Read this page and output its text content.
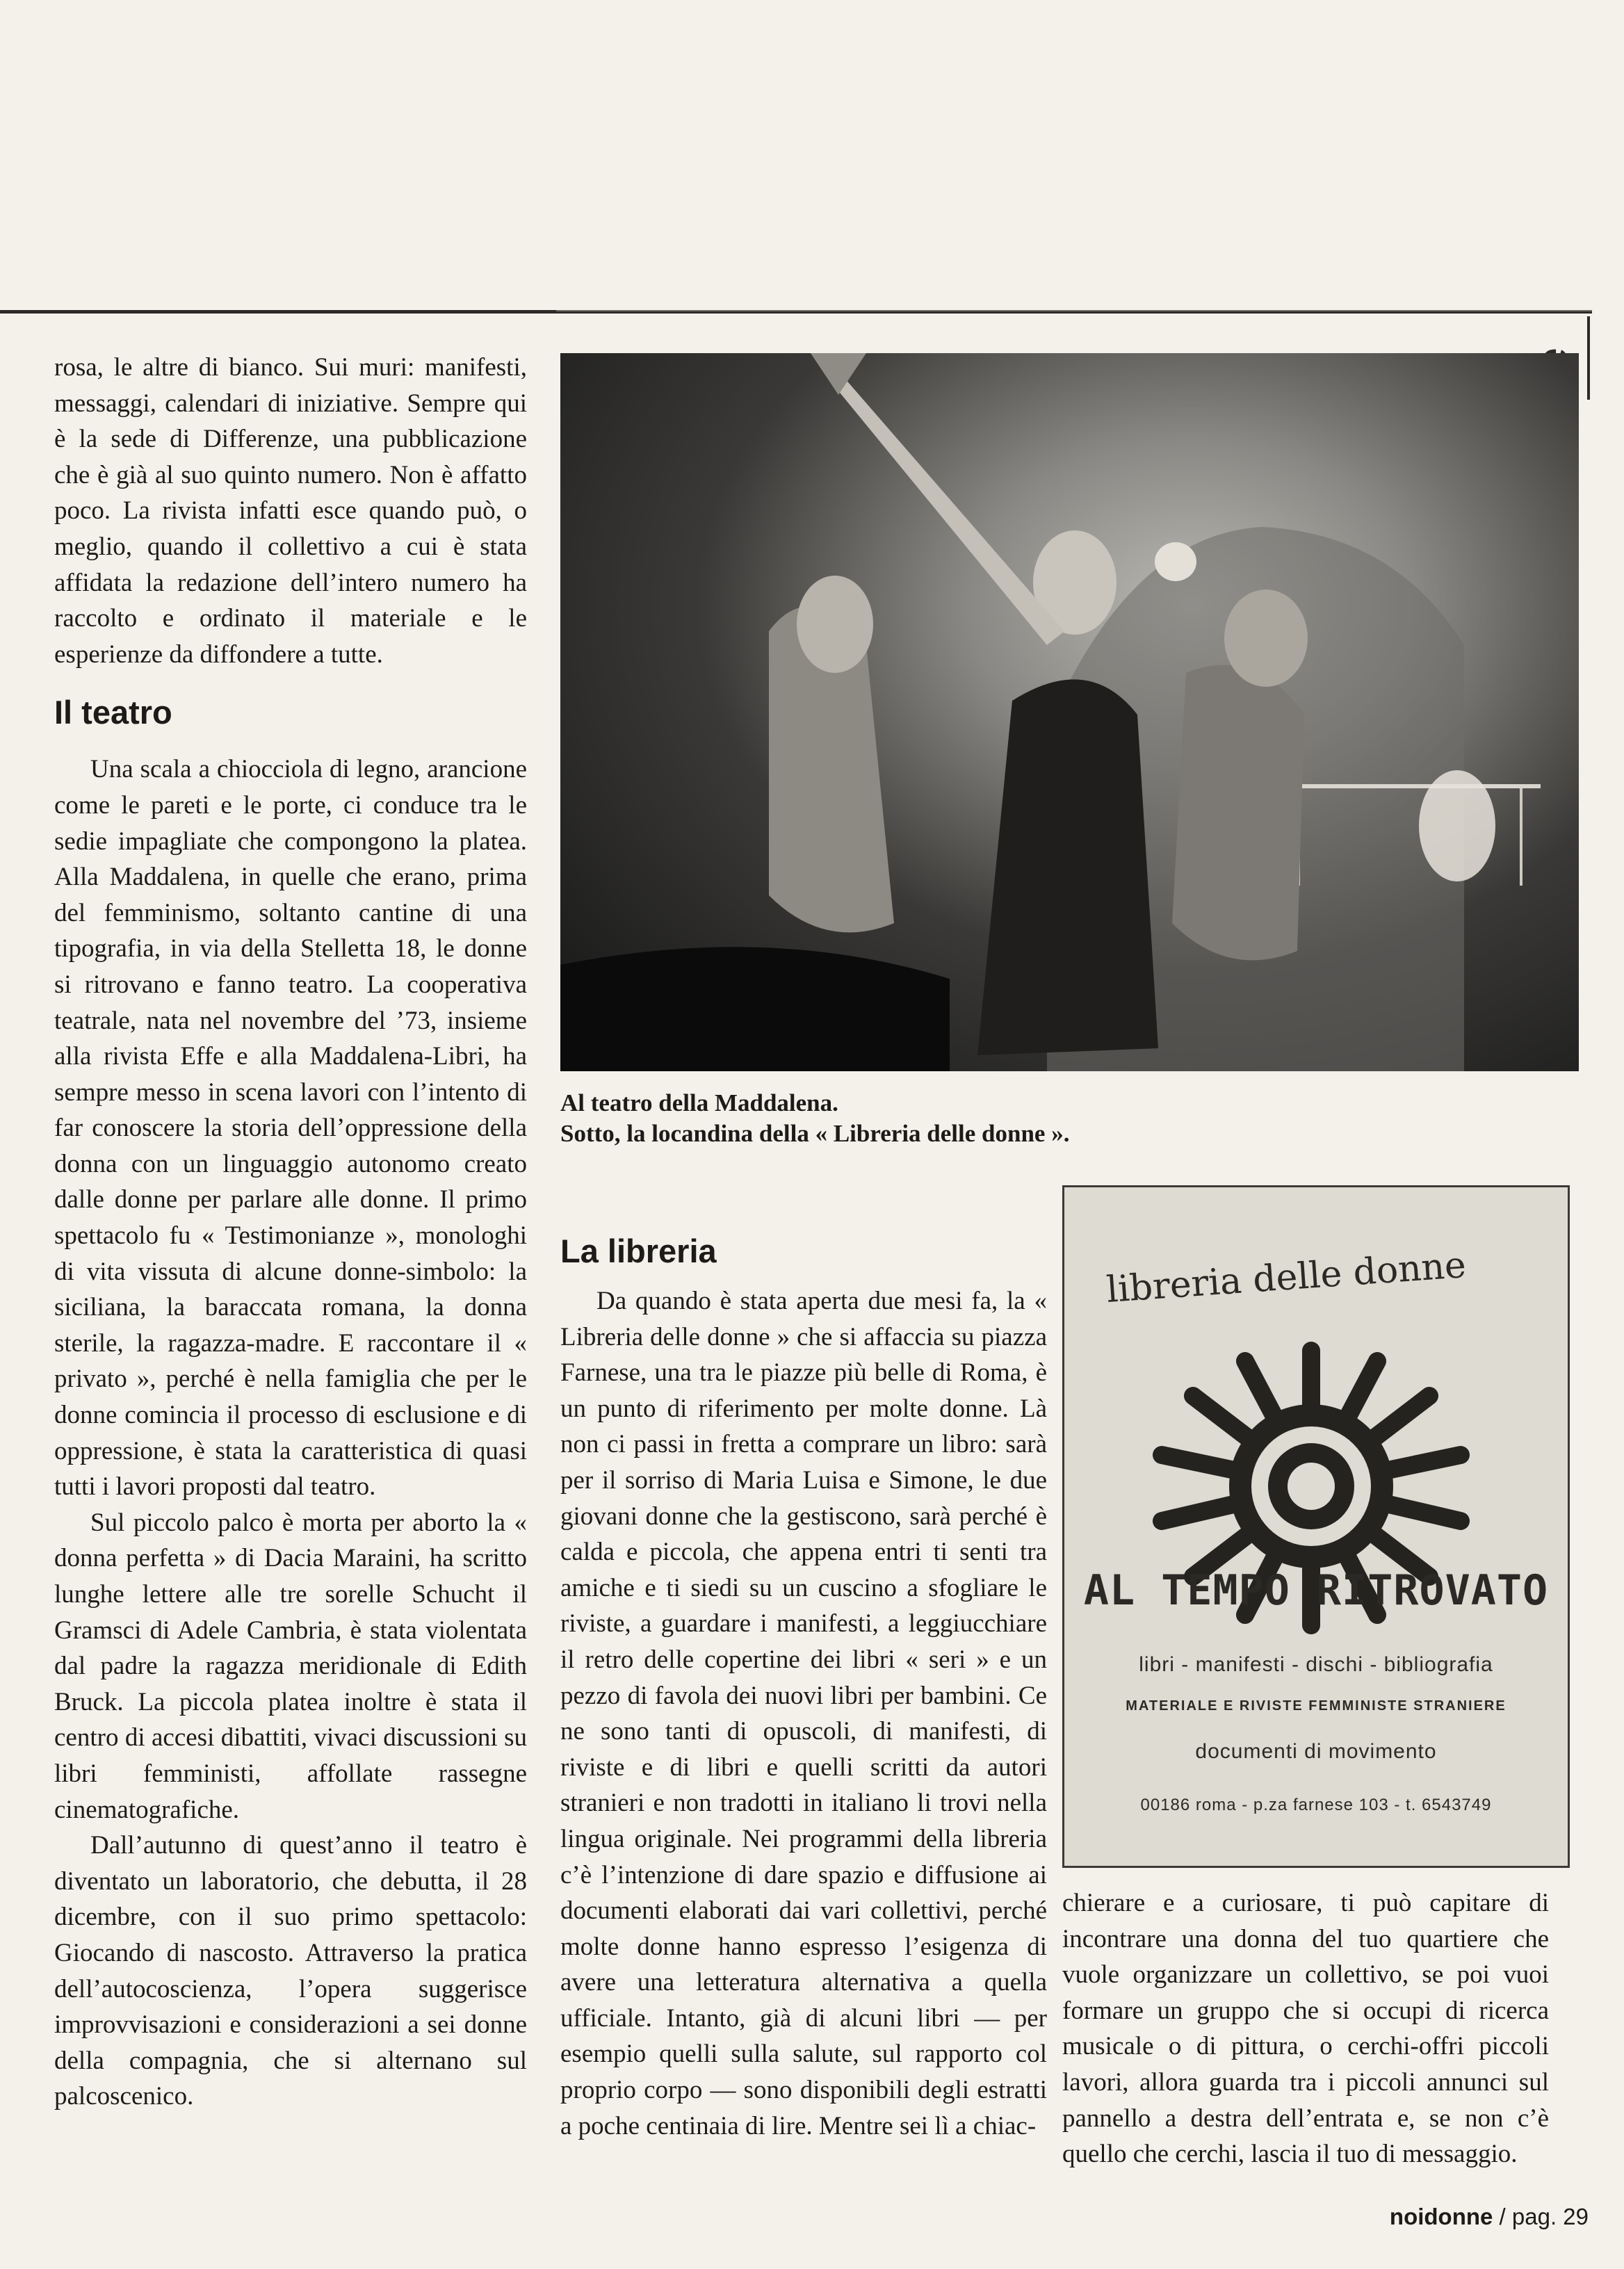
rosa, le altre di bianco. Sui muri: manifesti, messaggi, calendari di iniziative. Sempre qui è la sede di Differenze, una pubblicazione che è già al suo quinto numero. Non è affatto poco. La rivista infatti esce quando può, o meglio, quando il collettivo a cui è stata affidata la redazione dell’intero numero ha raccolto e ordinato il materiale e le esperienze da diffondere a tutte.

Il teatro

Una scala a chiocciola di legno, arancione come le pareti e le porte, ci conduce tra le sedie impagliate che compongono la platea. Alla Maddalena, in quelle che erano, prima del femminismo, soltanto cantine di una tipografia, in via della Stelletta 18, le donne si ritrovano e fanno teatro. La cooperativa teatrale, nata nel novembre del ’73, insieme alla rivista Effe e alla Maddalena-Libri, ha sempre messo in scena lavori con l’intento di far conoscere la storia dell’oppressione della donna con un linguaggio autonomo creato dalle donne per parlare alle donne. Il primo spettacolo fu « Testimonianze », monologhi di vita vissuta di alcune donne-simbolo: la siciliana, la baraccata romana, la donna sterile, la ragazza-madre. E raccontare il « privato », perché è nella famiglia che per le donne comincia il processo di esclusione e di oppressione, è stata la caratteristica di quasi tutti i lavori proposti dal teatro.

Sul piccolo palco è morta per aborto la « donna perfetta » di Dacia Maraini, ha scritto lunghe lettere alle tre sorelle Schucht il Gramsci di Adele Cambria, è stata violentata dal padre la ragazza meridionale di Edith Bruck. La piccola platea inoltre è stata il centro di accesi dibattiti, vivaci discussioni su libri femministi, affollate rassegne cinematografiche.

Dall’autunno di quest’anno il teatro è diventato un laboratorio, che debutta, il 28 dicembre, con il suo primo spettacolo: Giocando di nascosto. Attraverso la pratica dell’autocoscienza, l’opera suggerisce improvvisazioni e considerazioni a sei donne della compagnia, che si alternano sul palcoscenico.

Al teatro della Maddalena.
Sotto, la locandina della « Libreria delle donne ».
La libreria

Da quando è stata aperta due mesi fa, la « Libreria delle donne » che si affaccia su piazza Farnese, una tra le piazze più belle di Roma, è un punto di riferimento per molte donne. Là non ci passi in fretta a comprare un libro: sarà per il sorriso di Maria Luisa e Simone, le due giovani donne che la gestiscono, sarà perché è calda e piccola, che appena entri ti senti tra amiche e ti siedi su un cuscino a sfogliare le riviste, a guardare i manifesti, a leggiucchiare il retro delle copertine dei libri « seri » e un pezzo di favola dei nuovi libri per bambini. Ce ne sono tanti di opuscoli, di manifesti, di riviste e di libri e quelli scritti da autori stranieri e non tradotti in italiano li trovi nella lingua originale. Nei programmi della libreria c’è l’intenzione di dare spazio e diffusione ai documenti elaborati dai vari collettivi, perché molte donne hanno espresso l’esigenza di avere una letteratura alternativa a quella ufficiale. Intanto, già di alcuni libri — per esempio quelli sulla salute, sul rapporto col proprio corpo — sono disponibili degli estratti a poche centinaia di lire. Mentre sei lì a chiac-

libreria delle donne
AL TEMPO RITROVATO
libri - manifesti - dischi - bibliografia
MATERIALE E RIVISTE FEMMINISTE STRANIERE
documenti di movimento
00186 roma - p.za farnese 103 - t. 6543749

chierare e a curiosare, ti può capitare di incontrare una donna del tuo quartiere che vuole organizzare un collettivo, se poi vuoi formare un gruppo che si occupi di ricerca musicale o di pittura, o cerchi-offri piccoli lavori, allora guarda tra i piccoli annunci sul pannello a destra dell’entrata e, se non c’è quello che cerchi, lascia il tuo di messaggio.

noidonne / pag. 29
